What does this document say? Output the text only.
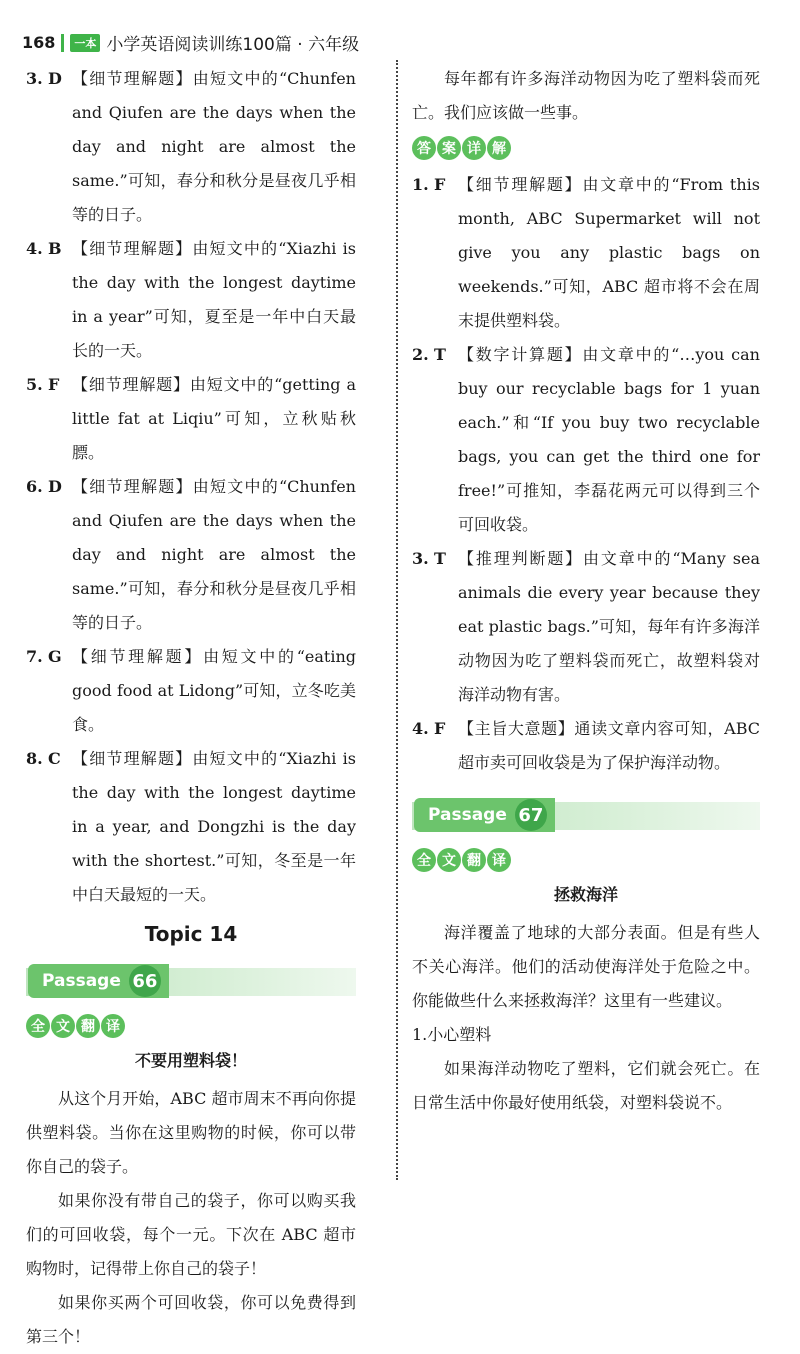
168	一本 小学英语阅读训练100篇 · 六年级
3. D 【细节理解题】由短文中的“Chunfen and Qiufen are the days when the day and night are almost the same.”可知，春分和秋分是昼夜几乎相等的日子。
4. B 【细节理解题】由短文中的“Xiazhi is the day with the longest daytime in a year”可知，夏至是一年中白天最长的一天。
5. F 【细节理解题】由短文中的“getting a little fat at Liqiu”可知，立秋贴秋膘。
6. D 【细节理解题】由短文中的“Chunfen and Qiufen are the days when the day and night are almost the same.”可知，春分和秋分是昼夜几乎相等的日子。
7. G 【细节理解题】由短文中的“eating good food at Lidong”可知，立冬吃美食。
8. C 【细节理解题】由短文中的“Xiazhi is the day with the longest daytime in a year, and Dongzhi is the day with the shortest.”可知，冬至是一年中白天最短的一天。
Topic 14
Passage 66
全 文 翻 译
不要用塑料袋！

从这个月开始，ABC 超市周末不再向你提供塑料袋。当你在这里购物的时候，你可以带你自己的袋子。

如果你没有带自己的袋子，你可以购买我们的可回收袋，每个一元。下次在 ABC 超市购物时，记得带上你自己的袋子！

如果你买两个可回收袋，你可以免费得到第三个！

每年都有许多海洋动物因为吃了塑料袋而死亡。我们应该做一些事。

答 案 详 解
1. F 【细节理解题】由文章中的“From this month, ABC Supermarket will not give you any plastic bags on weekends.”可知，ABC 超市将不会在周末提供塑料袋。
2. T 【数字计算题】由文章中的“…you can buy our recyclable bags for 1 yuan each.”和“If you buy two recyclable bags, you can get the third one for free!”可推知，李磊花两元可以得到三个可回收袋。
3. T 【推理判断题】由文章中的“Many sea animals die every year because they eat plastic bags.”可知，每年有许多海洋动物因为吃了塑料袋而死亡，故塑料袋对海洋动物有害。
4. F 【主旨大意题】通读文章内容可知，ABC 超市卖可回收袋是为了保护海洋动物。
Passage 67
全 文 翻 译
拯救海洋

海洋覆盖了地球的大部分表面。但是有些人不关心海洋。他们的活动使海洋处于危险之中。你能做些什么来拯救海洋？这里有一些建议。

1.小心塑料

如果海洋动物吃了塑料，它们就会死亡。在日常生活中你最好使用纸袋，对塑料袋说不。
